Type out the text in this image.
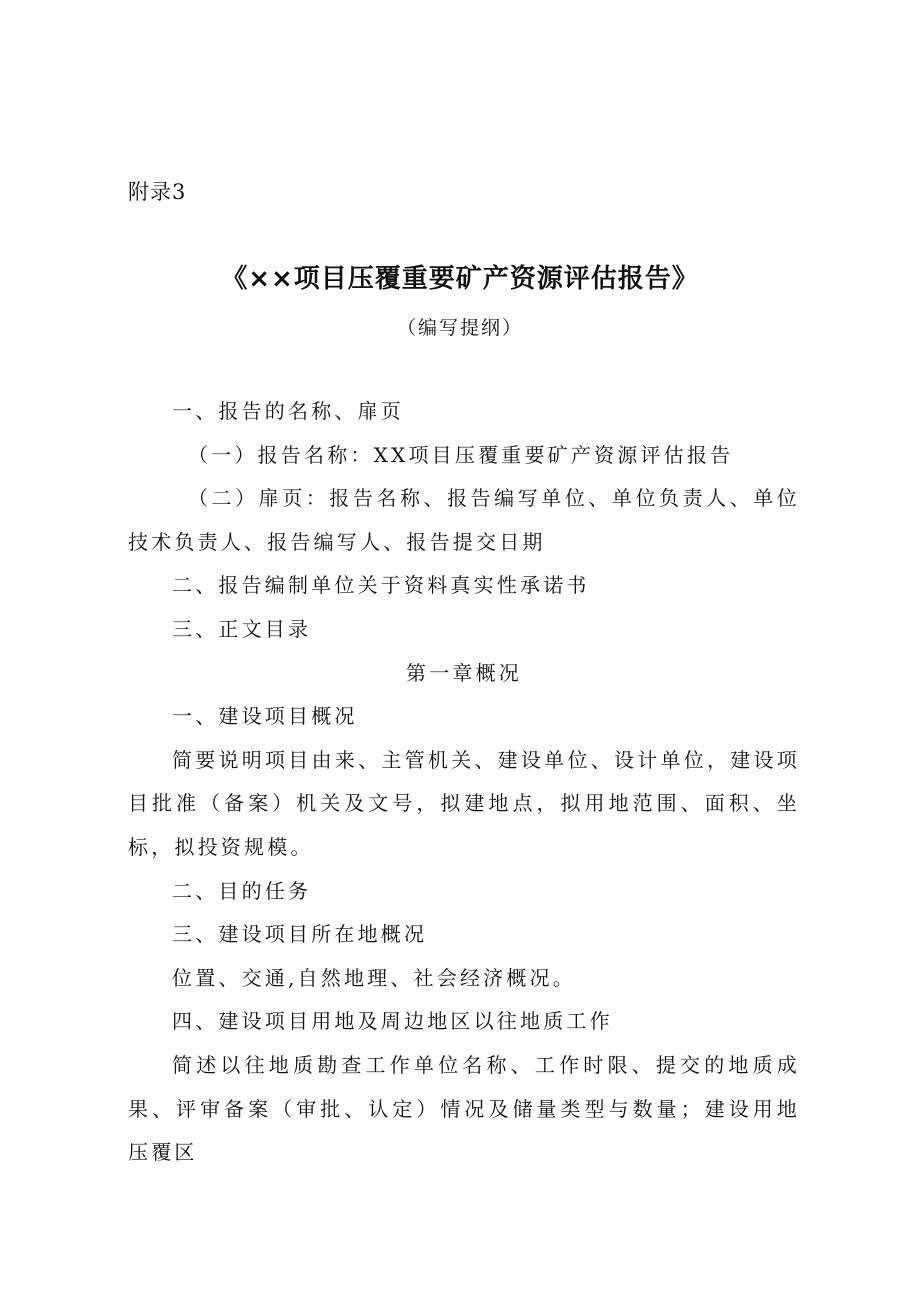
附录3
《××项目压覆重要矿产资源评估报告》
（编写提纲）

一、报告的名称、扉页

（一）报告名称：XX项目压覆重要矿产资源评估报告

（二）扉页：报告名称、报告编写单位、单位负责人、单位技术负责人、报告编写人、报告提交日期

二、报告编制单位关于资料真实性承诺书

三、正文目录

第一章概况

一、建设项目概况

简要说明项目由来、主管机关、建设单位、设计单位，建设项目批准（备案）机关及文号，拟建地点，拟用地范围、面积、坐标，拟投资规模。

二、目的任务

三、建设项目所在地概况

位置、交通,自然地理、社会经济概况。

四、建设项目用地及周边地区以往地质工作

简述以往地质勘查工作单位名称、工作时限、提交的地质成果、评审备案（审批、认定）情况及储量类型与数量；建设用地压覆区
